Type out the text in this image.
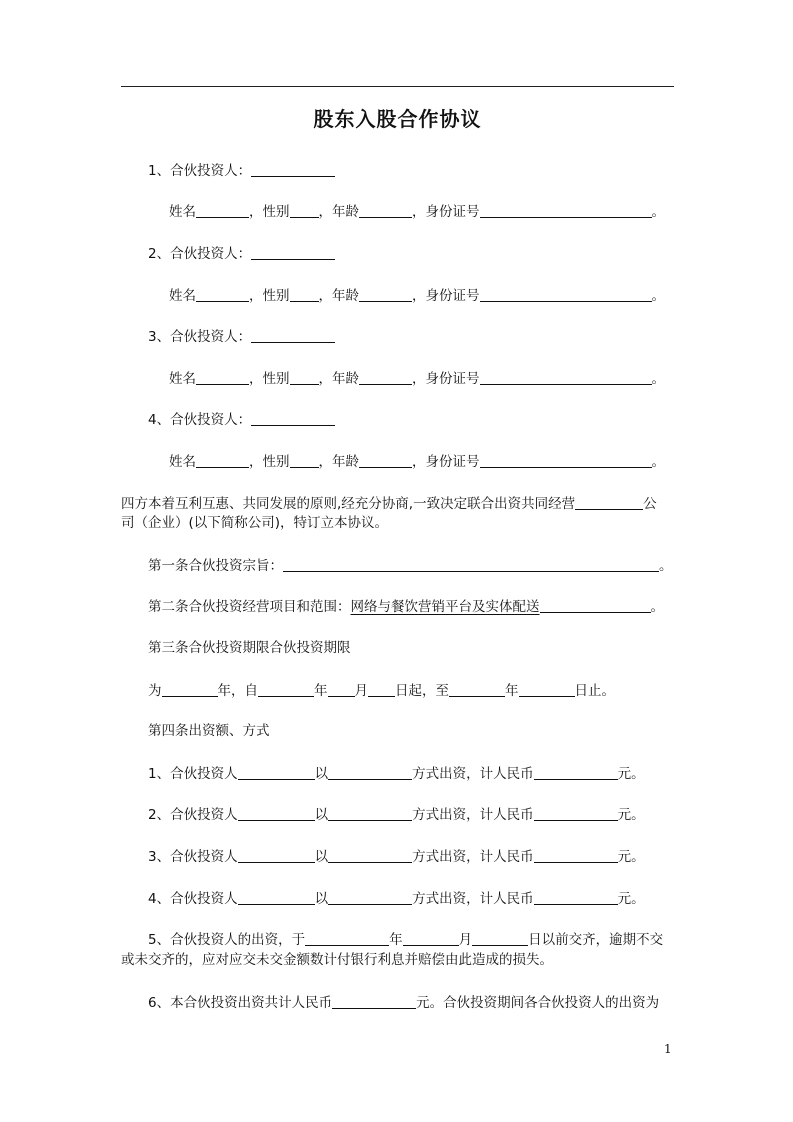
股东入股合作协议
1、合伙投资人：
姓名	，性别 ，年龄	，身份证号	。
2、合伙投资人：
姓名	，性别 ，年龄	，身份证号	。
3、合伙投资人：
姓名	，性别 ，年龄	，身份证号	。
4、合伙投资人：
姓名	，性别 ，年龄	，身份证号	。
四方本着互利互惠、共同发展的原则,经充分协商,一致决定联合出资共同经营	公
司（企业）(以下简称公司)，特订立本协议。
第一条合伙投资宗旨：	。
第二条合伙投资经营项目和范围：网络与餐饮营销平台及实体配送	。
第三条合伙投资期限合伙投资期限
为	年，自	年 月 日起，至	年	日止。
第四条出资额、方式
1、合伙投资人	以	方式出资，计人民币	元。
2、合伙投资人	以	方式出资，计人民币	元。
3、合伙投资人	以	方式出资，计人民币	元。
4、合伙投资人	以	方式出资，计人民币	元。
5、合伙投资人的出资，于	年	月	日以前交齐，逾期不交
或未交齐的，应对应交未交金额数计付银行利息并赔偿由此造成的损失。
6、本合伙投资出资共计人民币	元。合伙投资期间各合伙投资人的出资为
1
